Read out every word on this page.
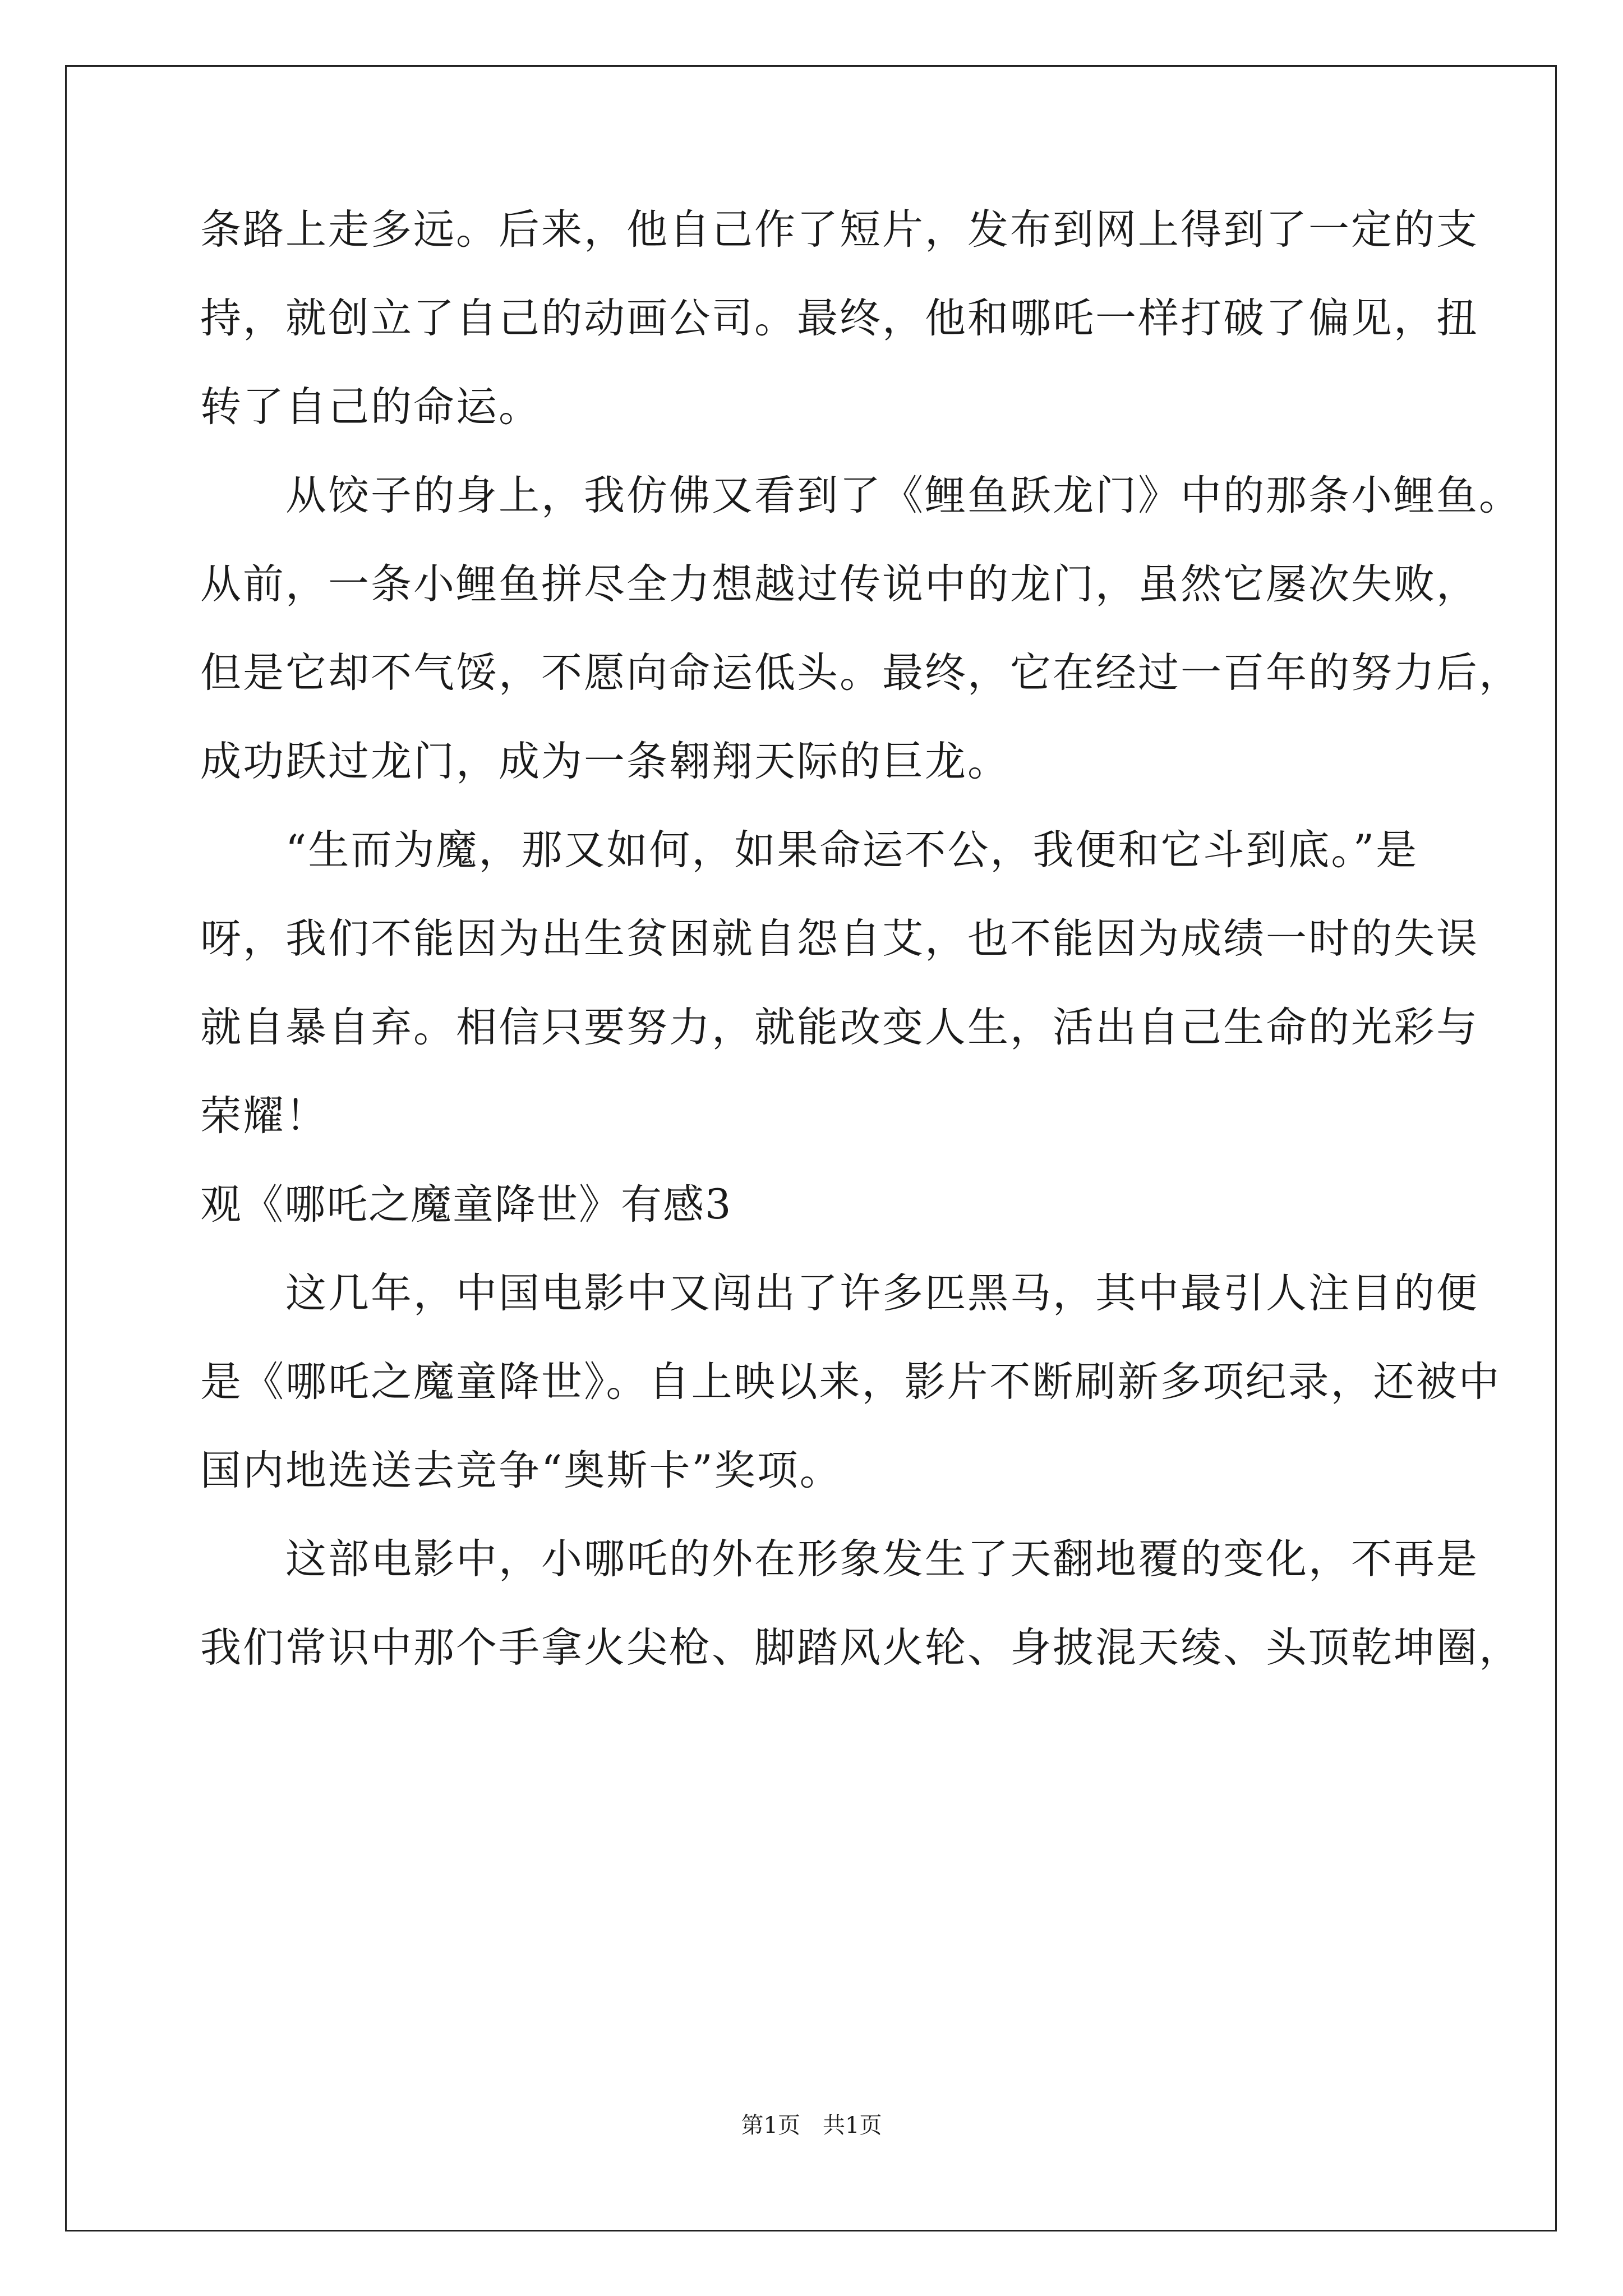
条路上走多远。后来，他自己作了短片，发布到网上得到了一定的支
持，就创立了自己的动画公司。最终，他和哪吒一样打破了偏见，扭
转了自己的命运。
　　从饺子的身上，我仿佛又看到了《鲤鱼跃龙门》中的那条小鲤鱼。
从前，一条小鲤鱼拼尽全力想越过传说中的龙门，虽然它屡次失败，
但是它却不气馁，不愿向命运低头。最终，它在经过一百年的努力后，
成功跃过龙门，成为一条翱翔天际的巨龙。
　　“生而为魔，那又如何，如果命运不公，我便和它斗到底。”是
呀，我们不能因为出生贫困就自怨自艾，也不能因为成绩一时的失误
就自暴自弃。相信只要努力，就能改变人生，活出自己生命的光彩与
荣耀！
观《哪吒之魔童降世》有感3
　　这几年，中国电影中又闯出了许多匹黑马，其中最引人注目的便
是《哪吒之魔童降世》。自上映以来，影片不断刷新多项纪录，还被中
国内地选送去竞争“奥斯卡”奖项。
　　这部电影中，小哪吒的外在形象发生了天翻地覆的变化，不再是
我们常识中那个手拿火尖枪、脚踏风火轮、身披混天绫、头顶乾坤圈，
第1页　共1页
